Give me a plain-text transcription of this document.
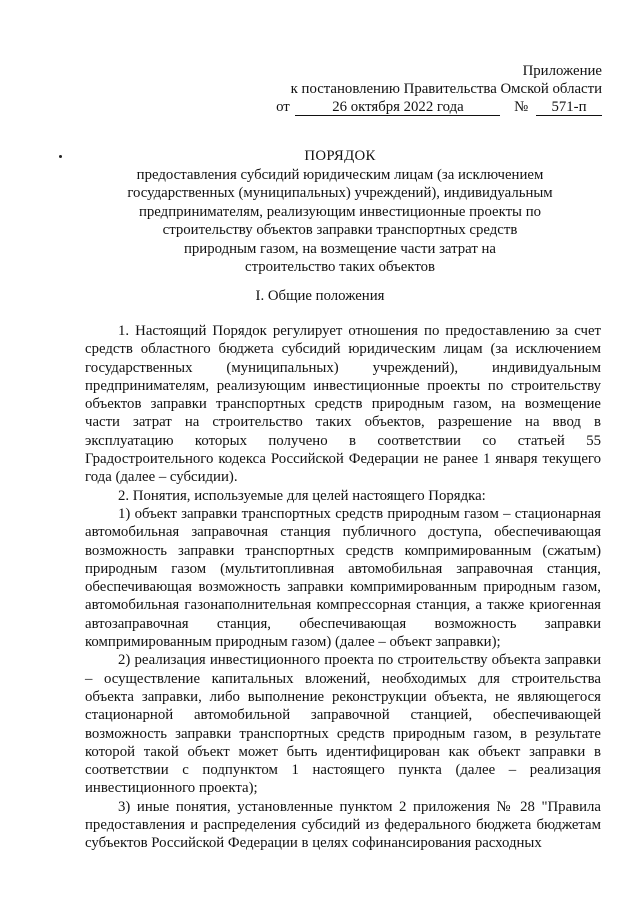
Приложение
к постановлению Правительства Омской области
от	26 октября 2022 года	№ 571-п
ПОРЯДОК
предоставления субсидий юридическим лицам (за исключением
государственных (муниципальных) учреждений), индивидуальным
предпринимателям, реализующим инвестиционные проекты по
строительству объектов заправки транспортных средств
природным газом, на возмещение части затрат на
строительство таких объектов
I. Общие положения

1. Настоящий Порядок регулирует отношения по предоставлению за счет средств областного бюджета субсидий юридическим лицам (за исключением государственных (муниципальных) учреждений), индивидуальным предпринимателям, реализующим инвестиционные проекты по строительству объектов заправки транспортных средств природным газом, на возмещение части затрат на строительство таких объектов, разрешение на ввод в эксплуатацию которых получено в соответствии со статьей 55 Градостроительного кодекса Российской Федерации не ранее 1 января текущего года (далее – субсидии).

2. Понятия, используемые для целей настоящего Порядка:

1) объект заправки транспортных средств природным газом – стационарная автомобильная заправочная станция публичного доступа, обеспечивающая возможность заправки транспортных средств компримированным (сжатым) природным газом (мультитопливная автомобильная заправочная станция, обеспечивающая возможность заправки компримированным природным газом, автомобильная газонаполнительная компрессорная станция, а также криогенная автозаправочная станция, обеспечивающая возможность заправки компримированным природным газом) (далее – объект заправки);

2) реализация инвестиционного проекта по строительству объекта заправки – осуществление капитальных вложений, необходимых для строительства объекта заправки, либо выполнение реконструкции объекта, не являющегося стационарной автомобильной заправочной станцией, обеспечивающей возможность заправки транспортных средств природным газом, в результате которой такой объект может быть идентифицирован как объект заправки в соответствии с подпунктом 1 настоящего пункта (далее – реализация инвестиционного проекта);

3) иные понятия, установленные пунктом 2 приложения № 28 "Правила предоставления и распределения субсидий из федерального бюджета бюджетам субъектов Российской Федерации в целях софинансирования расходных
